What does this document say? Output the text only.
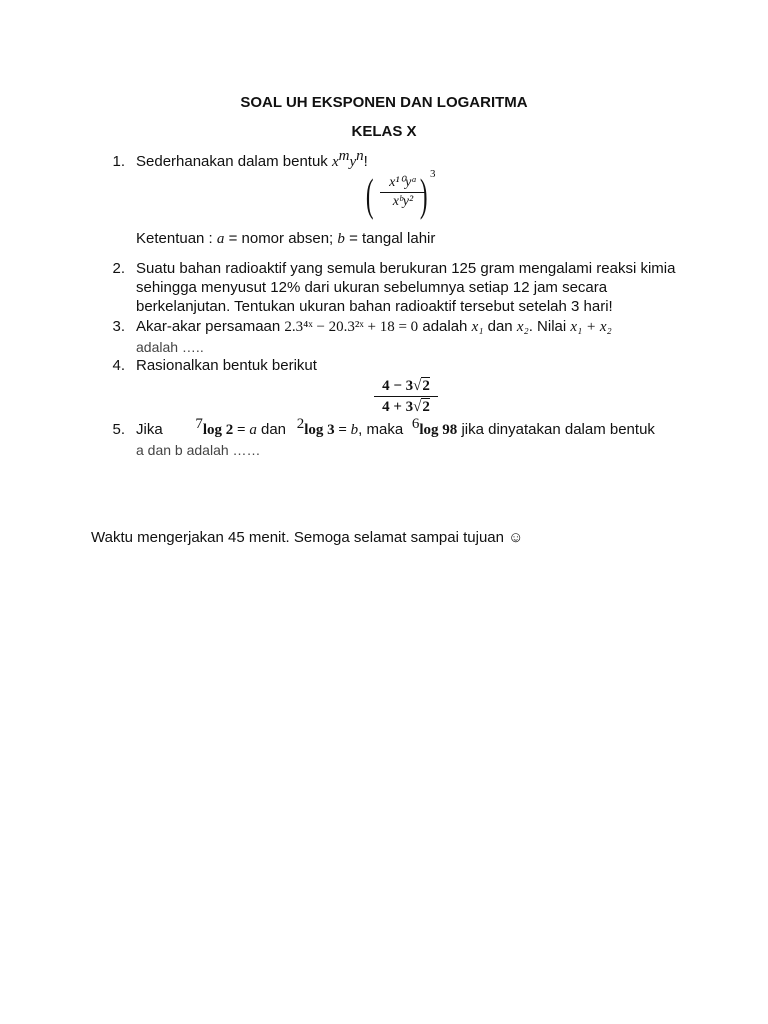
SOAL UH EKSPONEN DAN LOGARITMA
KELAS X
1. Sederhanakan dalam bentuk $x^my^n$!
(	x¹⁰yᵃ
xᵇy² ) 3
Ketentuan : a = nomor absen; b = tangal lahir
2. Suatu bahan radioaktif yang semula berukuran 125 gram mengalami reaksi kimia
sehingga menyusut 12% dari ukuran sebelumnya setiap 12 jam secara
berkelanjutan. Tentukan ukuran bahan radioaktif tersebut setelah 3 hari!
3. Akar-akar persamaan 2.3⁴ˣ − 20.3²ˣ + 18 = 0 adalah x₁ dan x₂. Nilai x₁ + x₂
adalah …..
4. Rasionalkan bentuk berikut
$\frac{4 - 3√2}{4 + 3√2}$
5. Jika $^7$log 2 = a dan $^2$log 3 = b, maka $^6$log 98 jika dinyatakan dalam bentuk
a dan b adalah ……
Waktu mengerjakan 45 menit. Semoga selamat sampai tujuan ☺
